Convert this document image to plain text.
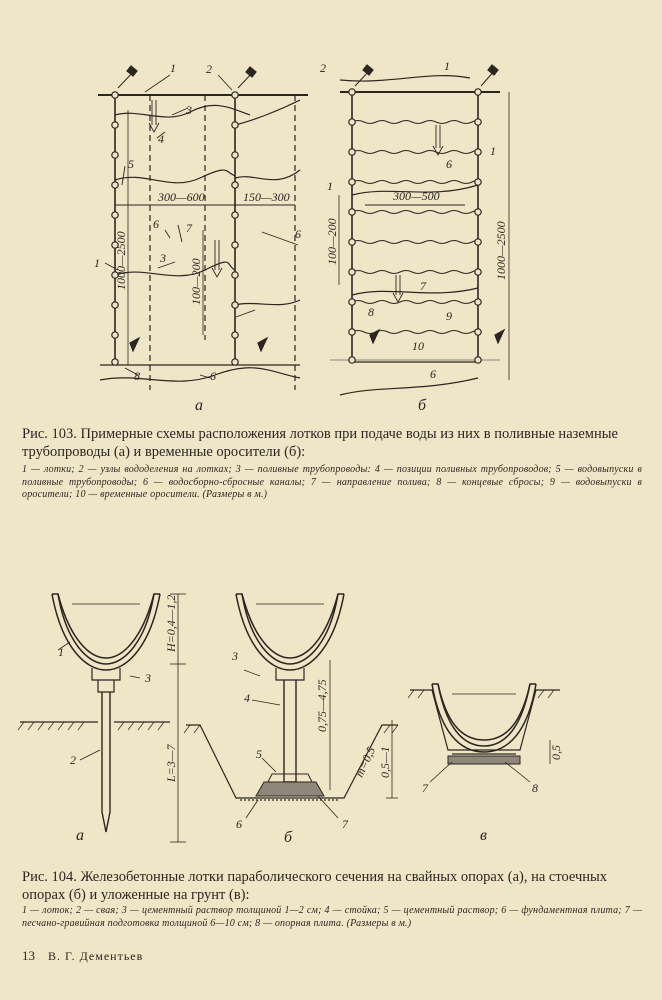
1	2
3
4
5
6 7
3
1
6
8	6
300—600	150—300
1000—2500	100—200
а
2	1
6
1
1
7
8	9
10
6
300—500
1000—2500
100—200
б
Рис. 103. Примерные схемы расположения лотков при подаче воды из них в поливные наземные трубопроводы (а) и временные оросители (б):
1 — лотки; 2 — узлы вододеления на лотках; 3 — поливные трубопроводы: 4 — позиции поливных трубопроводов; 5 — водовыпуски в поливные трубопроводы; 6 — водосборно-сбросные каналы; 7 — направление полива; 8 — концевые сбросы; 9 — водовыпуски в оросители; 10 — временные оросители. (Размеры в м.)
1
3
2
H=0,4—1,2
L=3—7
а
3
4
5
6	7
0,75—4,75
m=0,5 0,5—1
б
7	8
0,5
в
Рис. 104. Железобетонные лотки параболического сечения на свайных опорах (а), на стоечных опорах (б) и уложенные на грунт (в):
1 — лоток; 2 — свая; 3 — цементный раствор толщиной 1—2 см; 4 — стойка; 5 — цементный раствор; 6 — фундаментная плита; 7 — песчано-гравийная подготовка толщиной 6—10 см; 8 — опорная плита. (Размеры в м.)
13 В. Г. Дементьев
